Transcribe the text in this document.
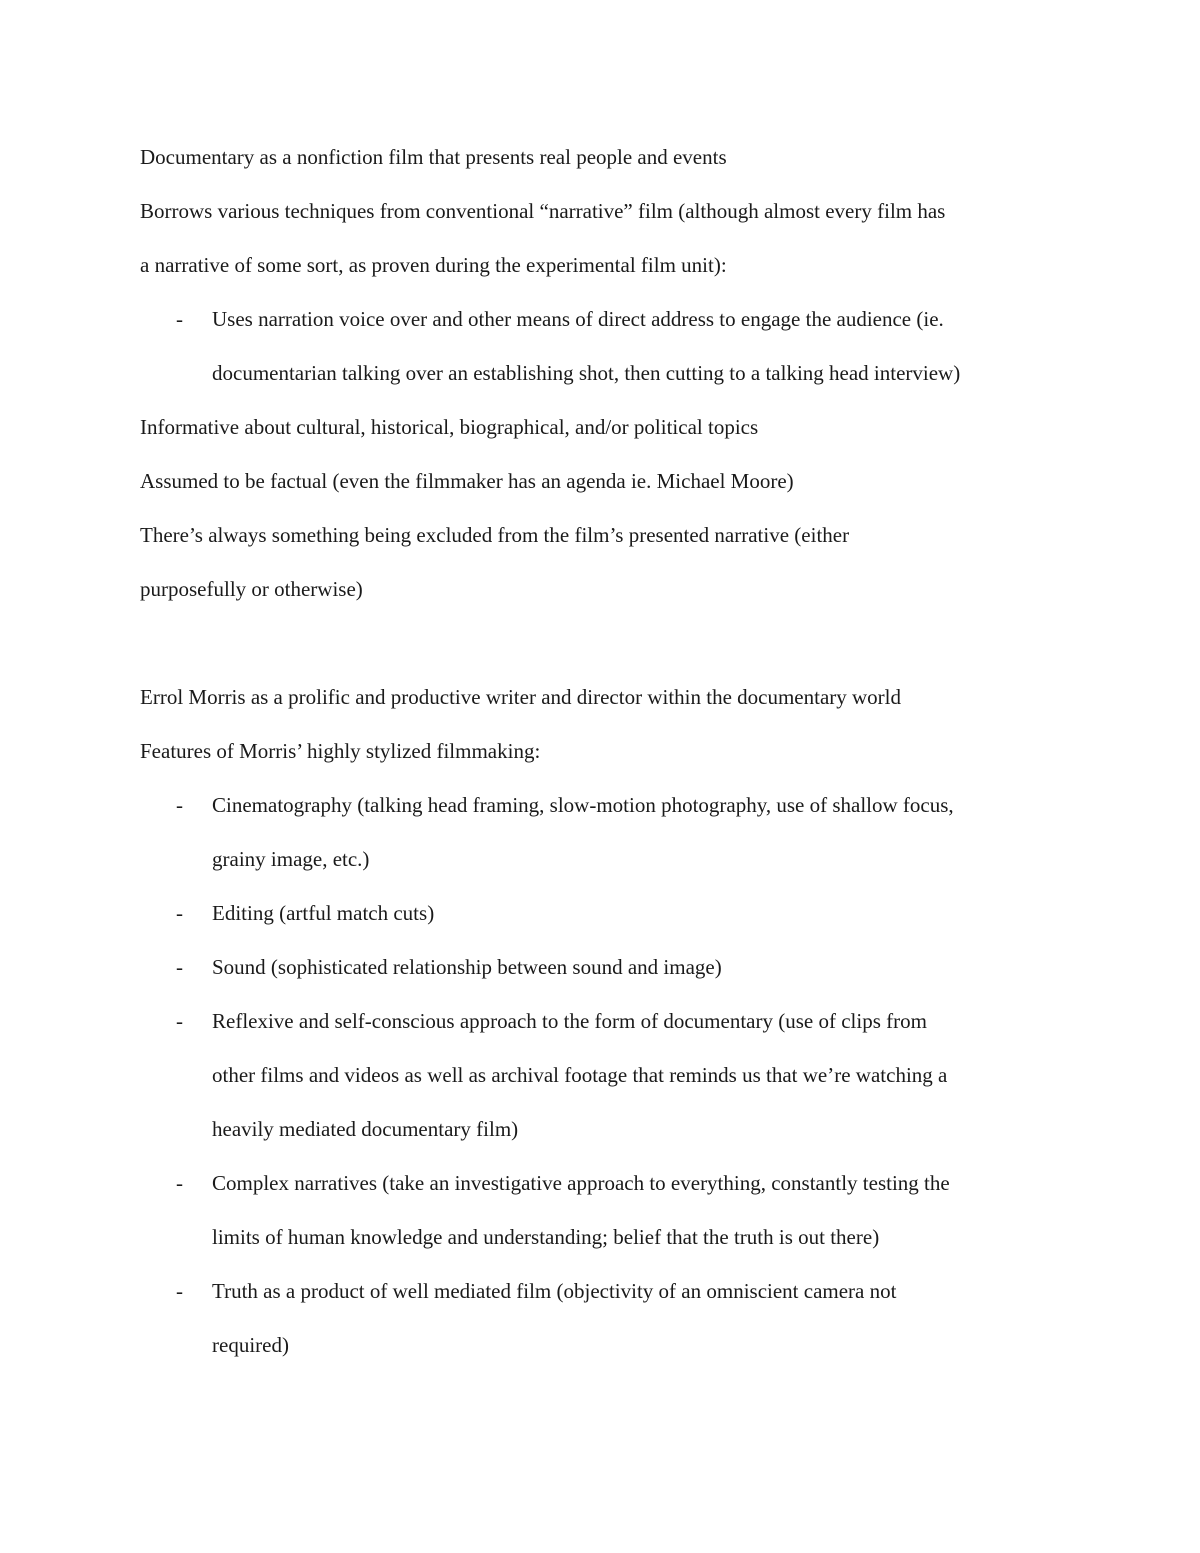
Documentary as a nonfiction film that presents real people and events
Borrows various techniques from conventional “narrative” film (although almost every film has
a narrative of some sort, as proven during the experimental film unit):
- Uses narration voice over and other means of direct address to engage the audience (ie.
documentarian talking over an establishing shot, then cutting to a talking head interview)
Informative about cultural, historical, biographical, and/or political topics
Assumed to be factual (even the filmmaker has an agenda ie. Michael Moore)
There’s always something being excluded from the film’s presented narrative (either
purposefully or otherwise)
Errol Morris as a prolific and productive writer and director within the documentary world
Features of Morris’ highly stylized filmmaking:
- Cinematography (talking head framing, slow-motion photography, use of shallow focus,
grainy image, etc.)
- Editing (artful match cuts)
- Sound (sophisticated relationship between sound and image)
- Reflexive and self-conscious approach to the form of documentary (use of clips from
other films and videos as well as archival footage that reminds us that we’re watching a
heavily mediated documentary film)
- Complex narratives (take an investigative approach to everything, constantly testing the
limits of human knowledge and understanding; belief that the truth is out there)
- Truth as a product of well mediated film (objectivity of an omniscient camera not
required)
